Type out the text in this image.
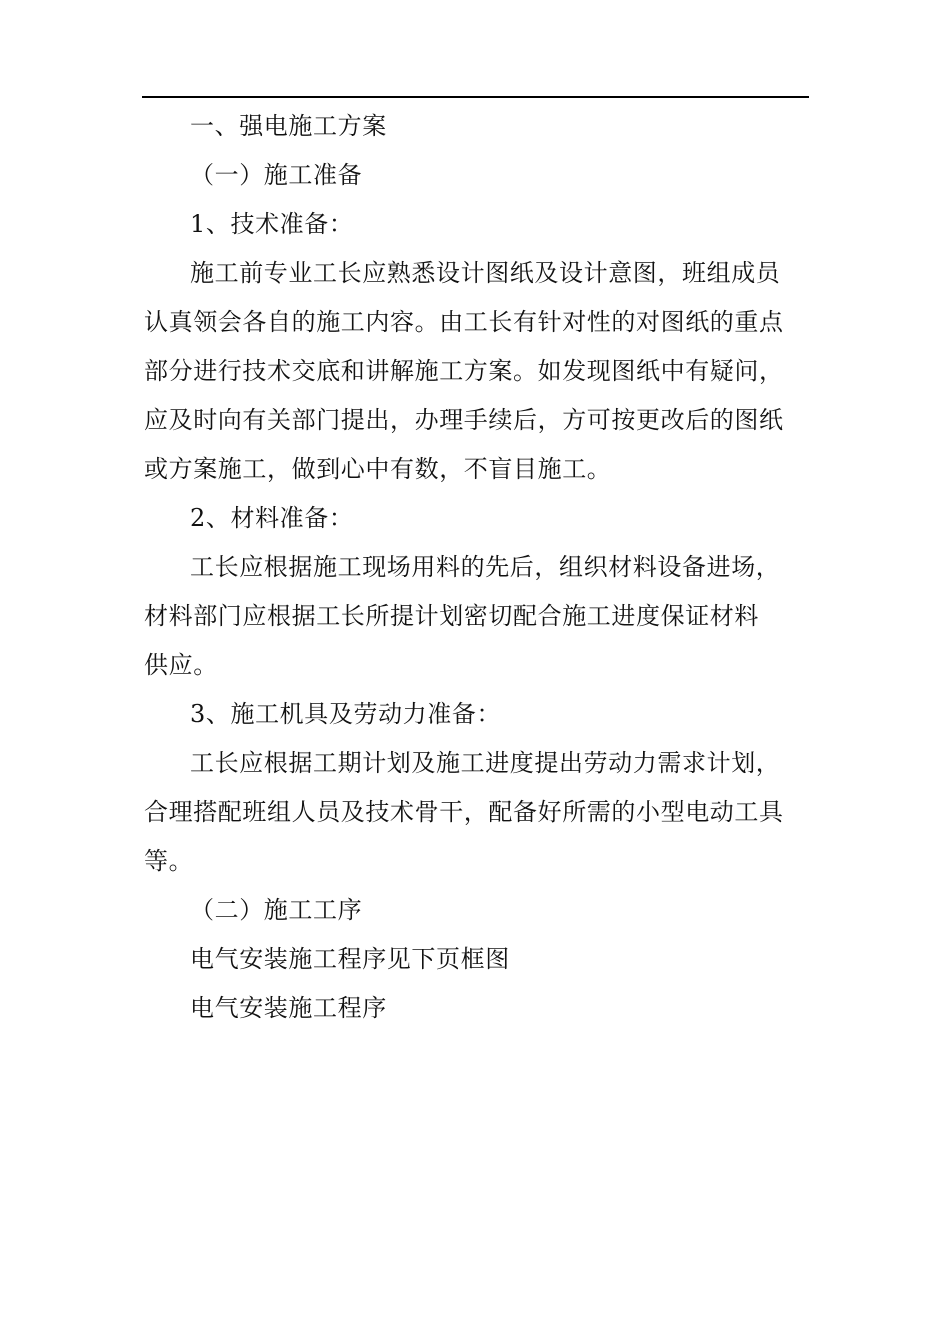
一、强电施工方案
（一）施工准备
1、技术准备：
施工前专业工长应熟悉设计图纸及设计意图，班组成员
认真领会各自的施工内容。由工长有针对性的对图纸的重点
部分进行技术交底和讲解施工方案。如发现图纸中有疑问，
应及时向有关部门提出，办理手续后，方可按更改后的图纸
或方案施工，做到心中有数，不盲目施工。
2、材料准备：
工长应根据施工现场用料的先后，组织材料设备进场，
材料部门应根据工长所提计划密切配合施工进度保证材料
供应。
3、施工机具及劳动力准备：
工长应根据工期计划及施工进度提出劳动力需求计划，
合理搭配班组人员及技术骨干，配备好所需的小型电动工具
等。
（二）施工工序
电气安装施工程序见下页框图
电气安装施工程序
